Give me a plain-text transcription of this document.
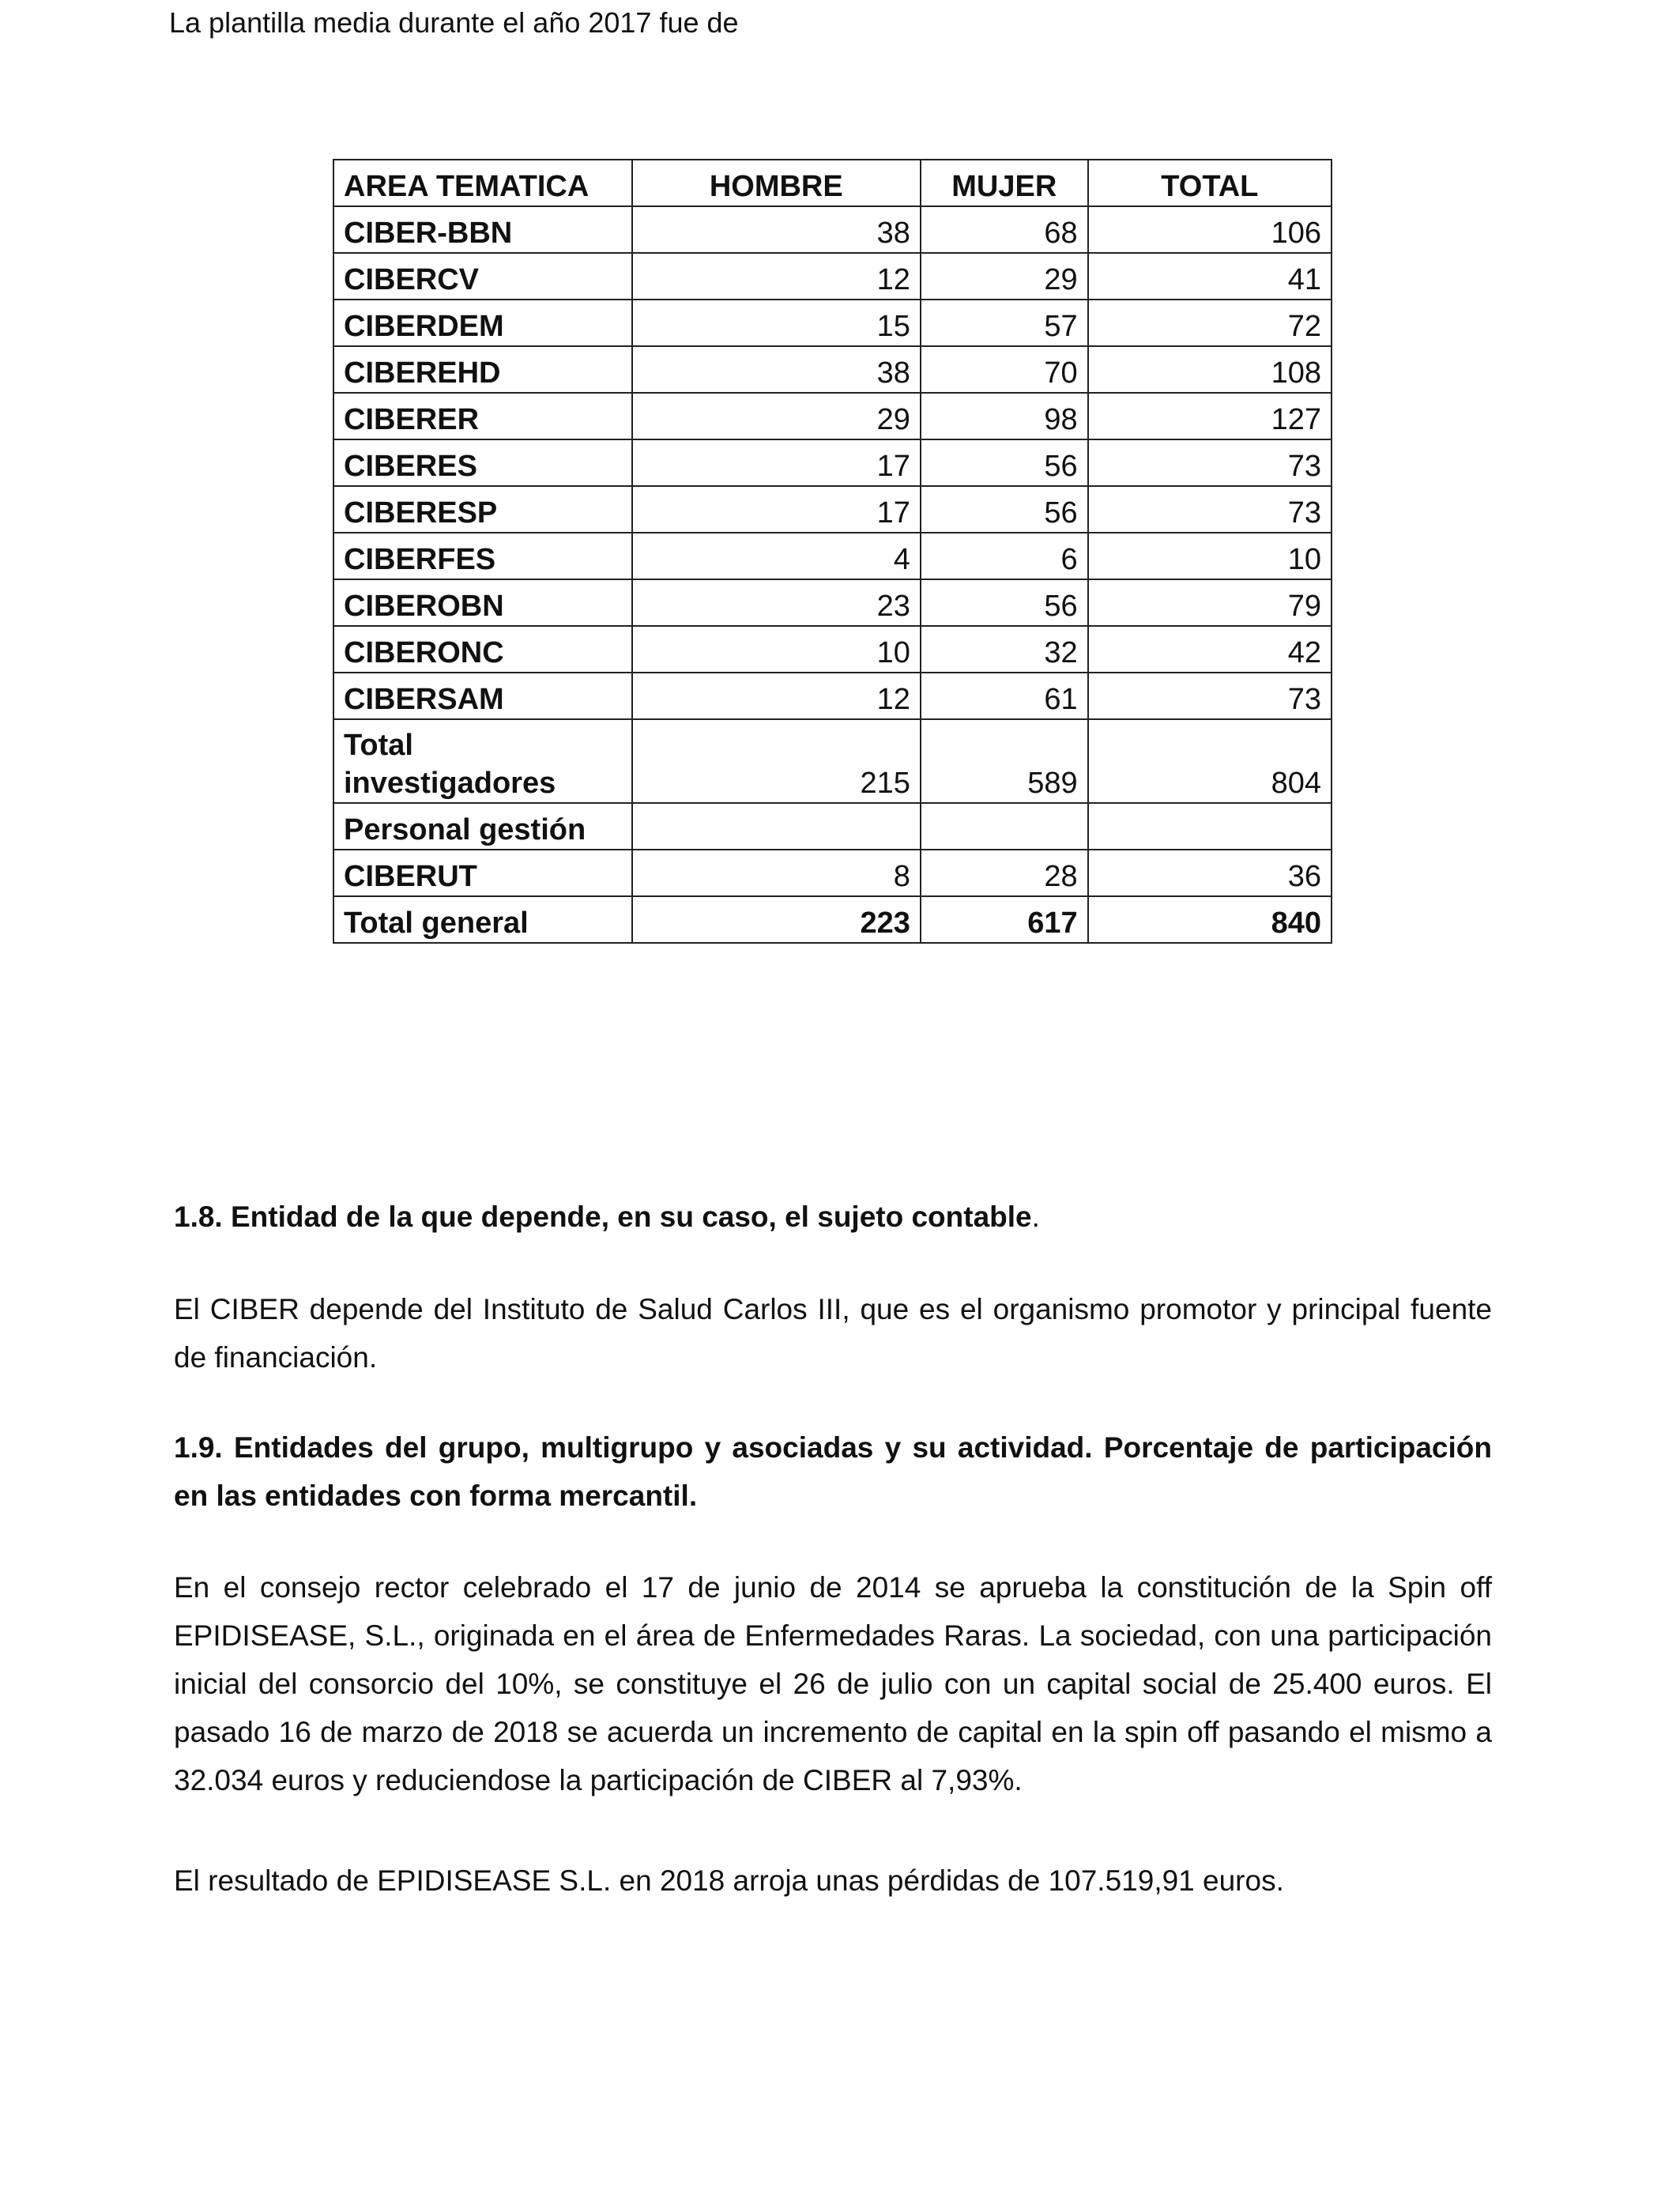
La plantilla media durante el año 2017 fue de

AREA TEMATICA	HOMBRE	MUJER	TOTAL
CIBER-BBN	38	68	106
CIBERCV	12	29	41
CIBERDEM	15	57	72
CIBEREHD	38	70	108
CIBERER	29	98	127
CIBERES	17	56	73
CIBERESP	17	56	73
CIBERFES	4	6	10
CIBEROBN	23	56	79
CIBERONC	10	32	42
CIBERSAM	12	61	73
Total
investigadores	215	589	804
Personal gestión			
CIBERUT	8	28	36
Total general	223	617	840

1.8. Entidad de la que depende, en su caso, el sujeto contable.

El CIBER depende del Instituto de Salud Carlos III, que es el organismo promotor y principal fuente de financiación.

1.9. Entidades del grupo, multigrupo y asociadas y su actividad. Porcentaje de participación en las entidades con forma mercantil.

En el consejo rector celebrado el 17 de junio de 2014 se aprueba la constitución de la Spin off EPIDISEASE, S.L., originada en el área de Enfermedades Raras. La sociedad, con una participación inicial del consorcio del 10%, se constituye el 26 de julio con un capital social de 25.400 euros. El pasado 16 de marzo de 2018 se acuerda un incremento de capital en la spin off pasando el mismo a 32.034 euros y reduciendose la participación de CIBER al 7,93%.

El resultado de EPIDISEASE S.L. en 2018 arroja unas pérdidas de 107.519,91 euros.
